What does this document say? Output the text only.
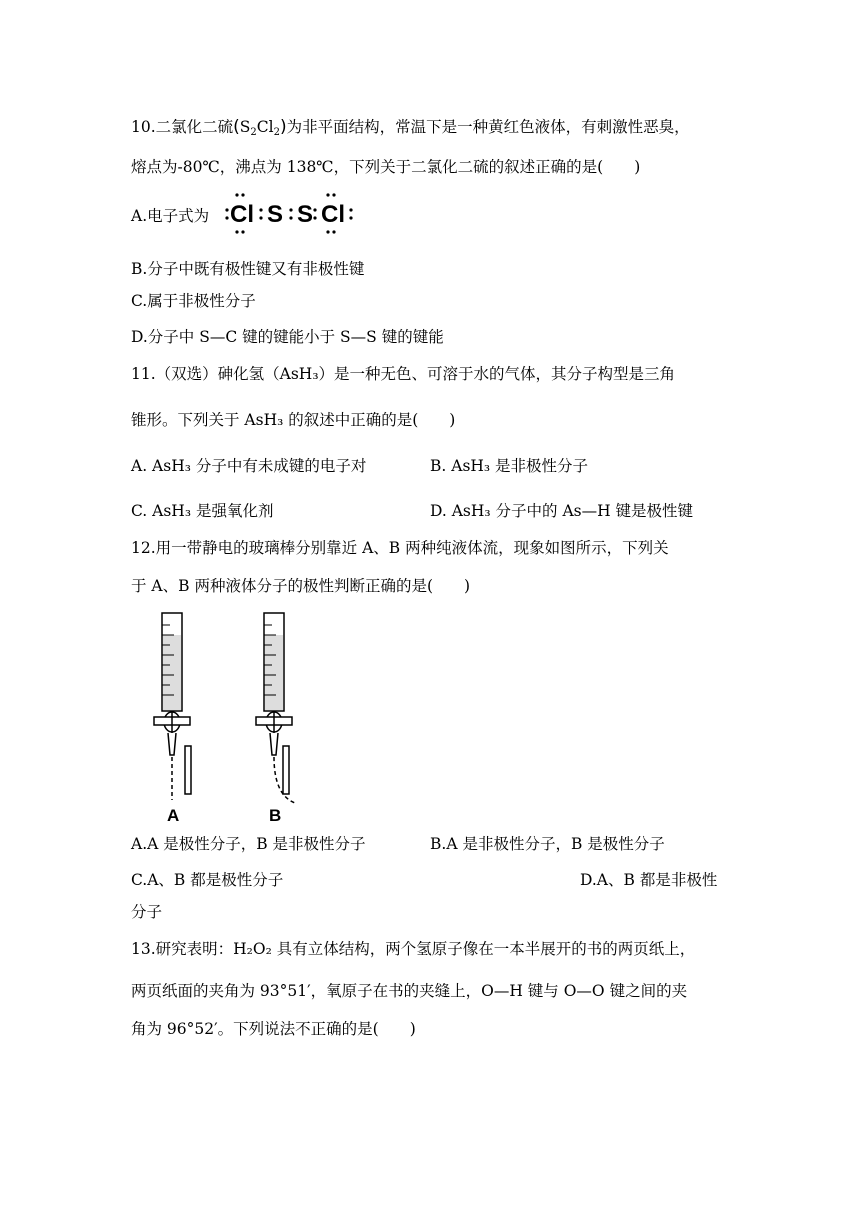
10.二氯化二硫$(S_2Cl_2)$为非平面结构，常温下是一种黄红色液体，有刺激性恶臭，
熔点为-80℃，沸点为 138℃，下列关于二氯化二硫的叙述正确的是(　　)
A.电子式为 Cl S S Cl
B.分子中既有极性键又有非极性键
C.属于非极性分子
D.分子中 S—C 键的键能小于 S—S 键的键能
11.（双选）砷化氢（AsH₃）是一种无色、可溶于水的气体，其分子构型是三角
锥形。下列关于 AsH₃ 的叙述中正确的是(　　)
A. AsH₃ 分子中有未成键的电子对	B. AsH₃ 是非极性分子
C. AsH₃ 是强氧化剂	D. AsH₃ 分子中的 As—H 键是极性键
12.用一带静电的玻璃棒分别靠近 A、B 两种纯液体流，现象如图所示，下列关
于 A、B 两种液体分子的极性判断正确的是(　　)
A	B
A.A 是极性分子，B 是非极性分子	B.A 是非极性分子，B 是极性分子
C.A、B 都是极性分子	D.A、B 都是非极性
分子
13.研究表明：H₂O₂ 具有立体结构，两个氢原子像在一本半展开的书的两页纸上，
两页纸面的夹角为 93°51′，氧原子在书的夹缝上，O—H 键与 O—O 键之间的夹
角为 96°52′。下列说法不正确的是(　　)
